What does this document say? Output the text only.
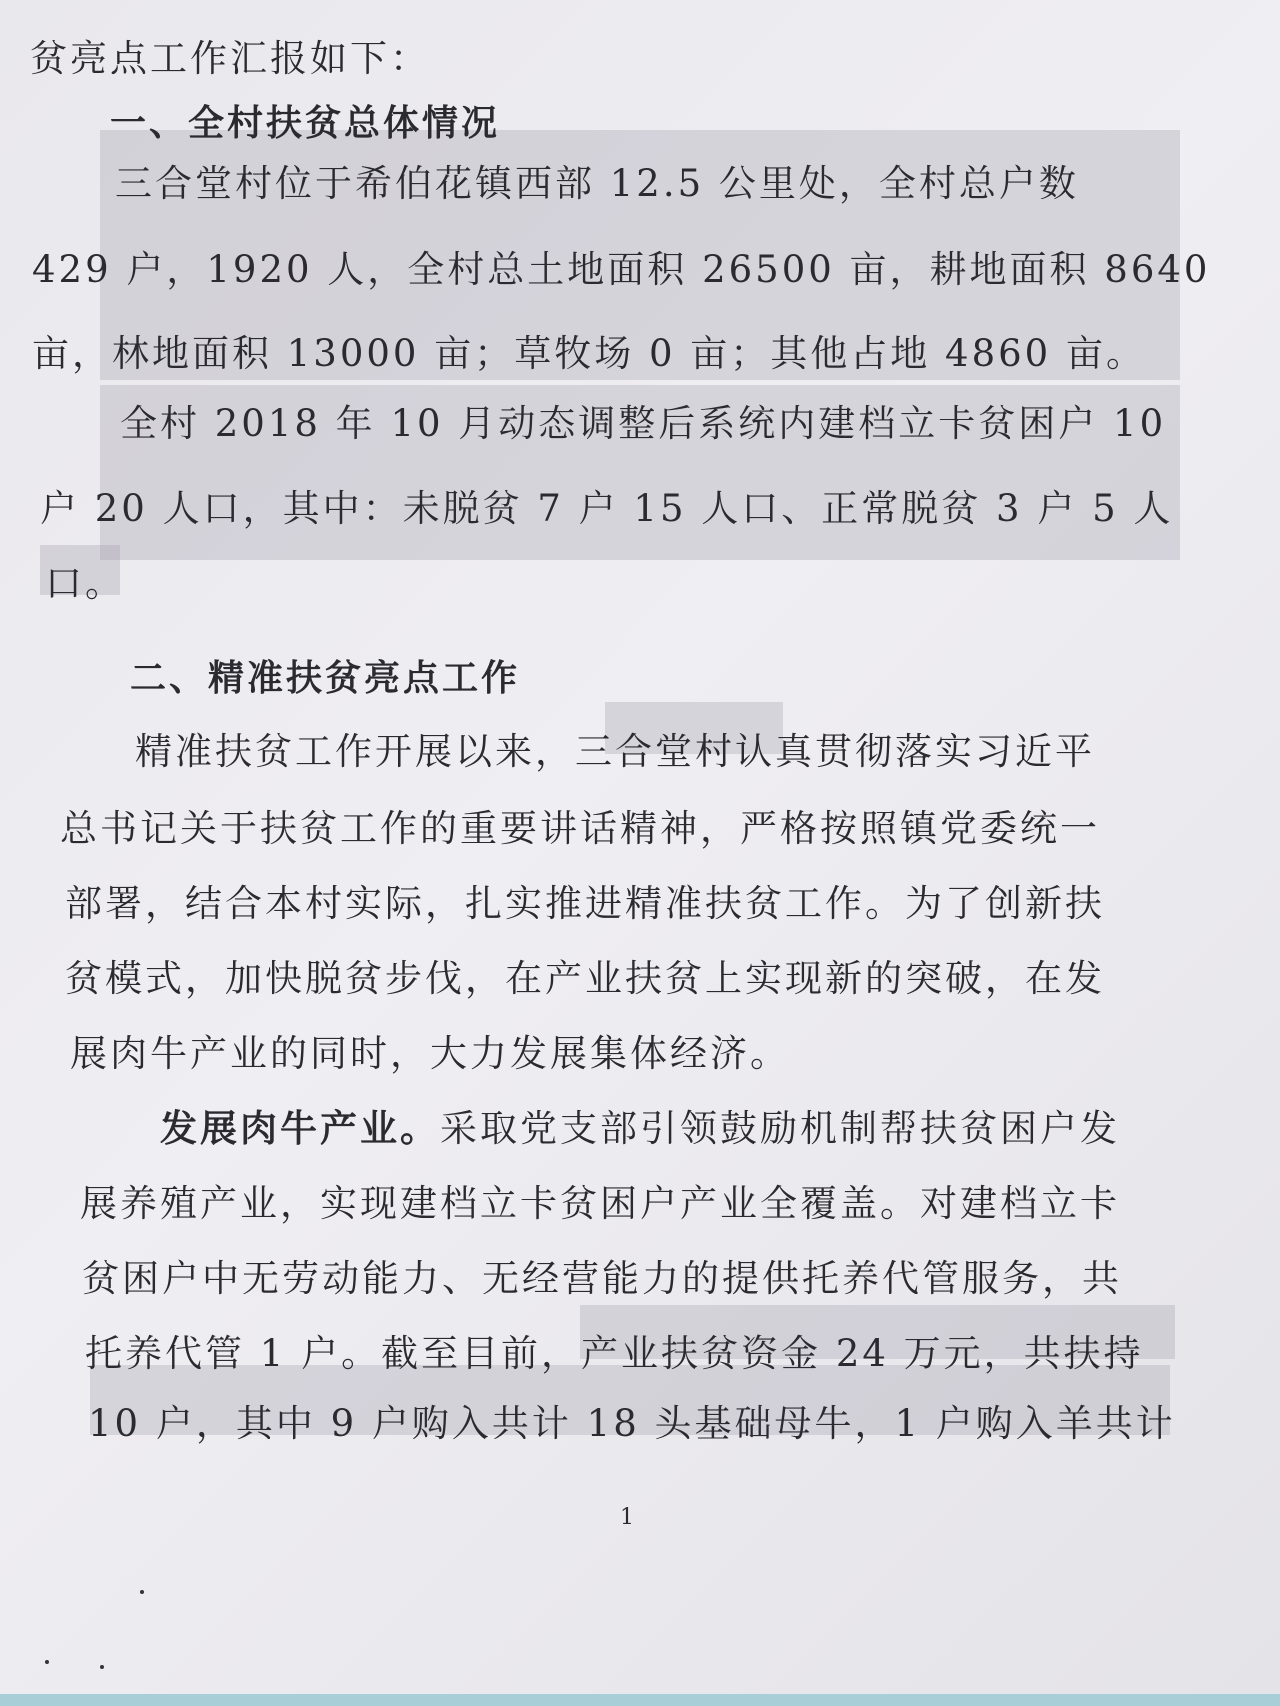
贫亮点工作汇报如下：

一、全村扶贫总体情况

三合堂村位于希伯花镇西部 12.5 公里处，全村总户数

429 户，1920 人，全村总土地面积 26500 亩，耕地面积 8640

亩，林地面积 13000 亩；草牧场 0 亩；其他占地 4860 亩。

全村 2018 年 10 月动态调整后系统内建档立卡贫困户 10

户 20 人口，其中：未脱贫 7 户 15 人口、正常脱贫 3 户 5 人

口。

二、精准扶贫亮点工作

精准扶贫工作开展以来，三合堂村认真贯彻落实习近平

总书记关于扶贫工作的重要讲话精神，严格按照镇党委统一

部署，结合本村实际，扎实推进精准扶贫工作。为了创新扶

贫模式，加快脱贫步伐，在产业扶贫上实现新的突破，在发

展肉牛产业的同时，大力发展集体经济。

发展肉牛产业。采取党支部引领鼓励机制帮扶贫困户发

展养殖产业，实现建档立卡贫困户产业全覆盖。对建档立卡

贫困户中无劳动能力、无经营能力的提供托养代管服务，共

托养代管 1 户。截至目前，产业扶贫资金 24 万元，共扶持

10 户，其中 9 户购入共计 18 头基础母牛，1 户购入羊共计

1
